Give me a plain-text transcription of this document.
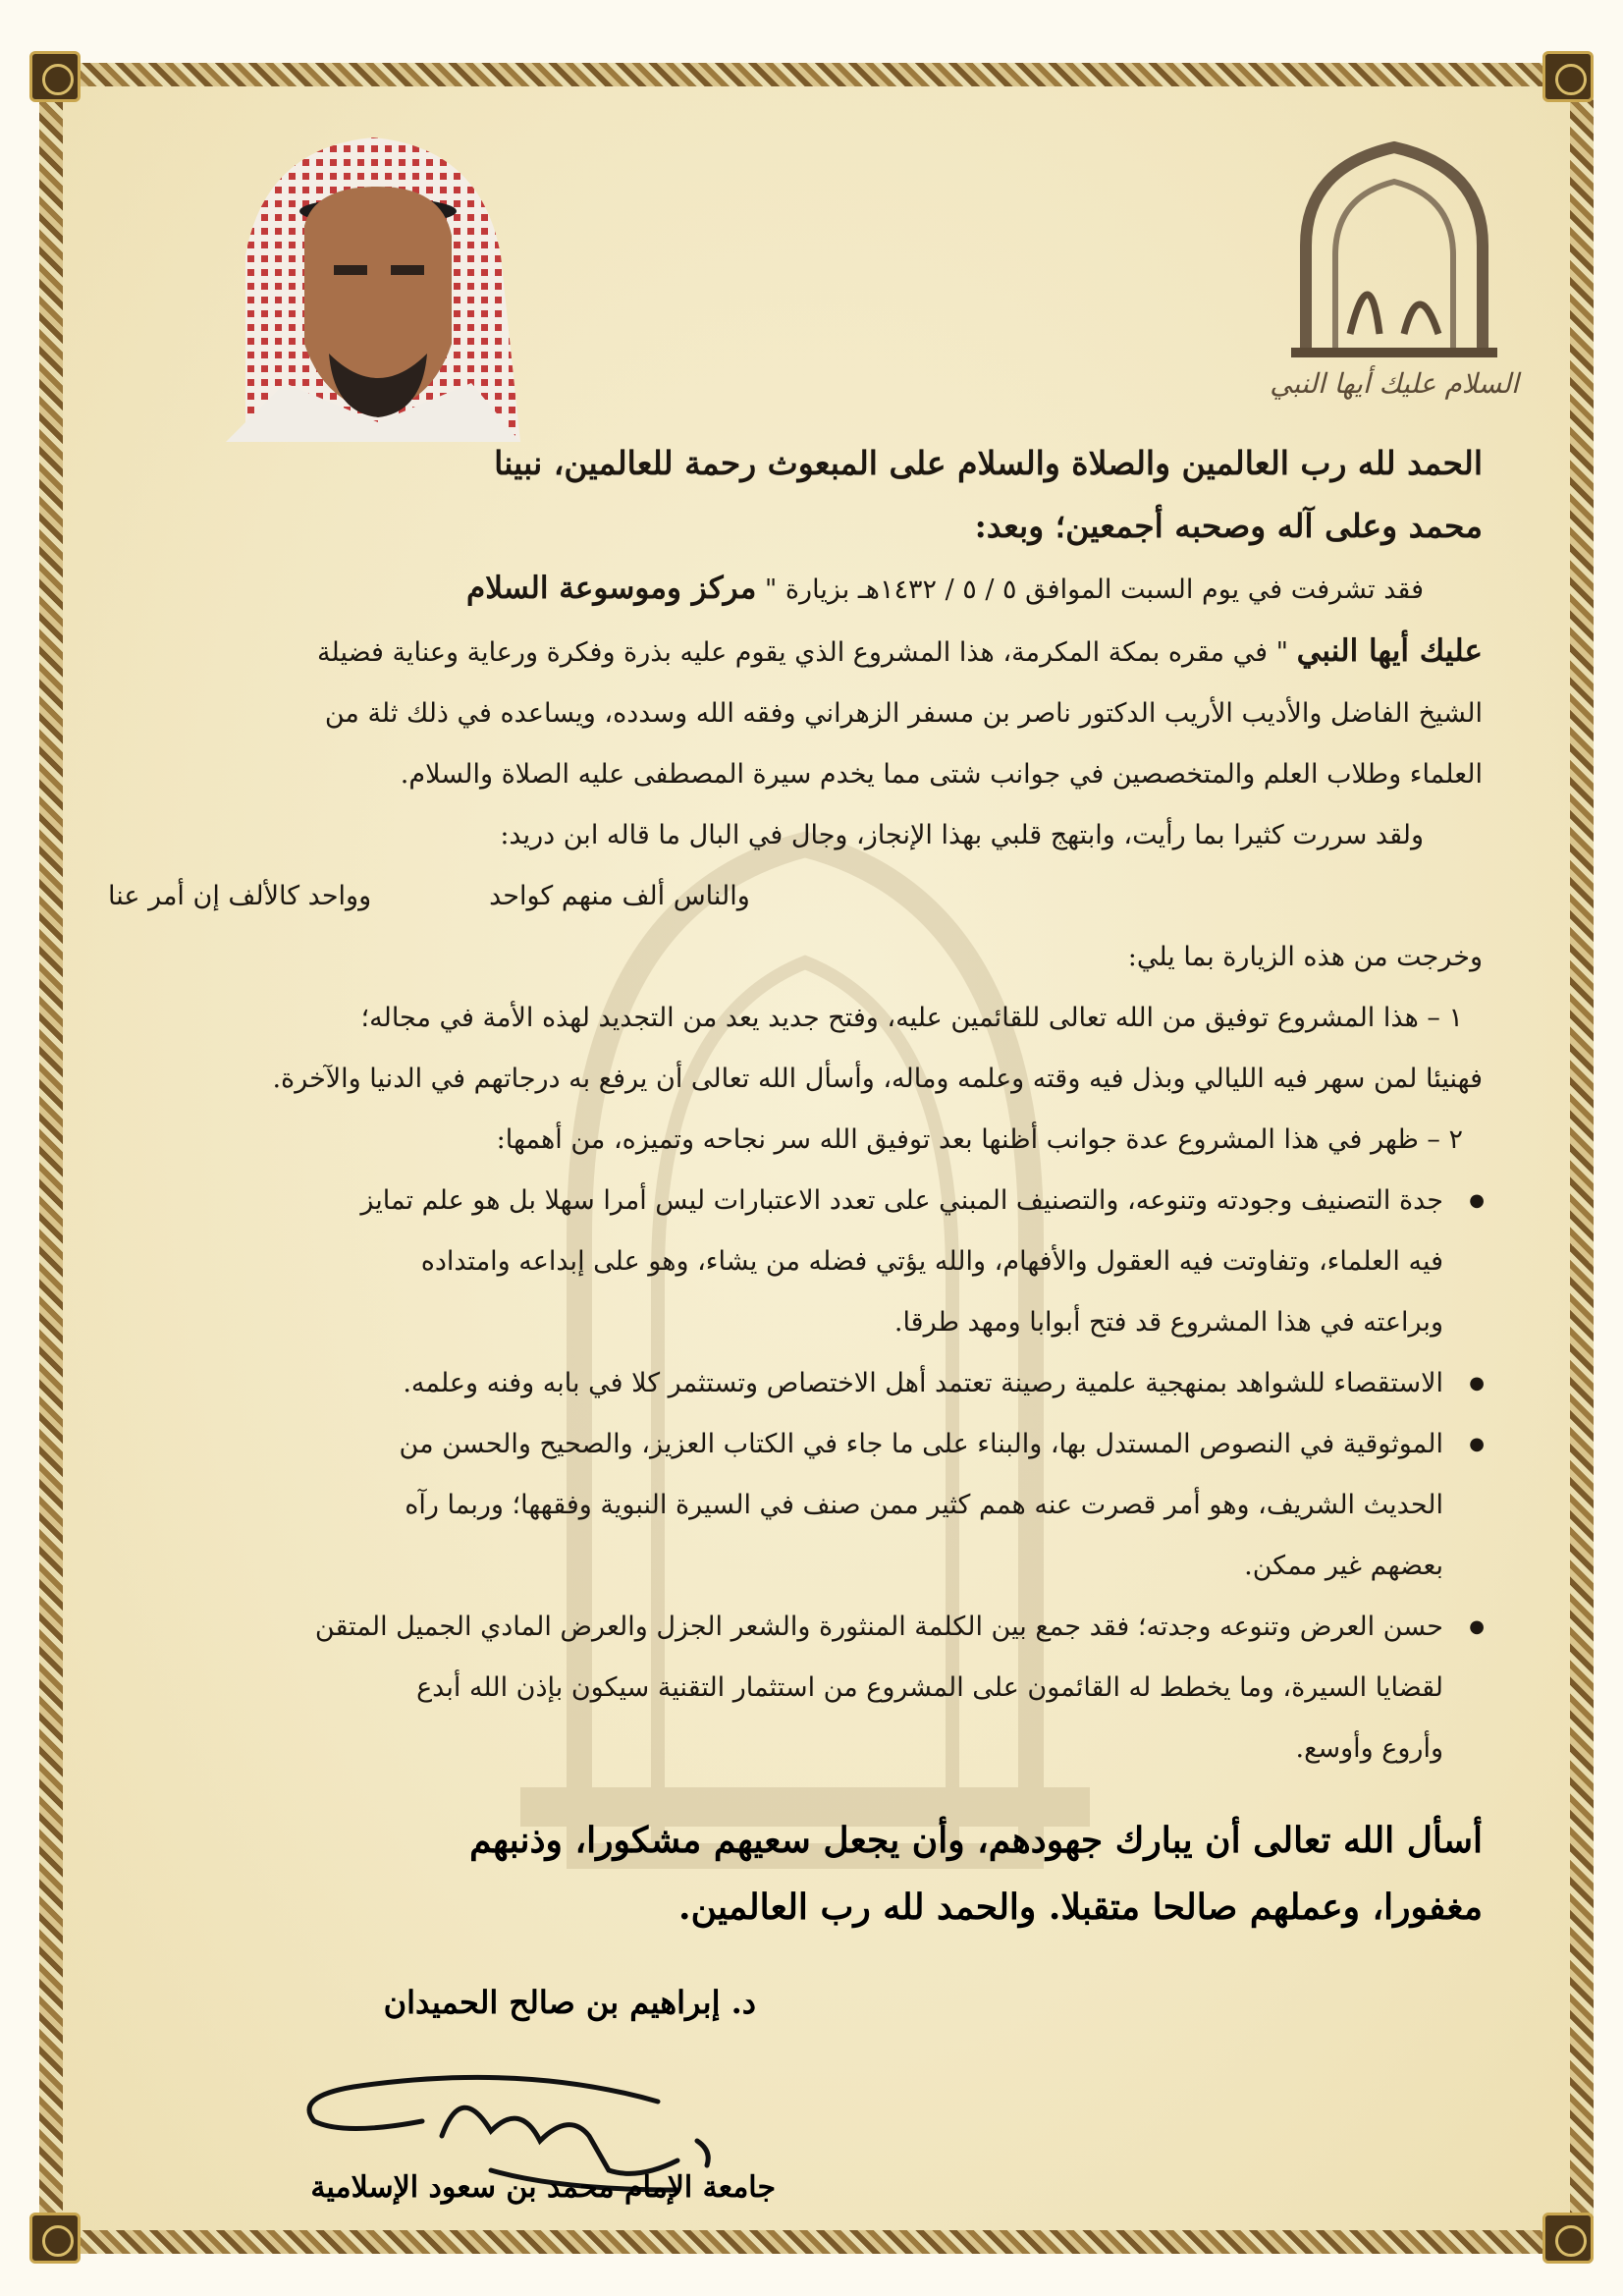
السلام عليك أيها النبي

الحمد لله رب العالمين والصلاة والسلام على المبعوث رحمة للعالمين، نبينا

محمد وعلى آله وصحبه أجمعين؛ وبعد:

فقد تشرفت في يوم السبت الموافق ٥ / ٥ / ١٤٣٢هـ بزيارة " مركز وموسوعة السلام

عليك أيها النبي " في مقره بمكة المكرمة، هذا المشروع الذي يقوم عليه بذرة وفكرة ورعاية وعناية فضيلة

الشيخ الفاضل والأديب الأريب الدكتور ناصر بن مسفر الزهراني وفقه الله وسدده، ويساعده في ذلك ثلة من

العلماء وطلاب العلم والمتخصصين في جوانب شتى مما يخدم سيرة المصطفى عليه الصلاة والسلام.

ولقد سررت كثيرا بما رأيت، وابتهج قلبي بهذا الإنجاز، وجال في البال ما قاله ابن دريد:

والناس ألف منهم كواحد
وواحد كالألف إن أمر عنا

وخرجت من هذه الزيارة بما يلي:

١ – هذا المشروع توفيق من الله تعالى للقائمين عليه، وفتح جديد يعد من التجديد لهذه الأمة في مجاله؛

فهنيئا لمن سهر فيه الليالي وبذل فيه وقته وعلمه وماله، وأسأل الله تعالى أن يرفع به درجاتهم في الدنيا والآخرة.

٢ – ظهر في هذا المشروع عدة جوانب أظنها بعد توفيق الله سر نجاحه وتميزه، من أهمها:

● جدة التصنيف وجودته وتنوعه، والتصنيف المبني على تعدد الاعتبارات ليس أمرا سهلا بل هو علم تمايز
فيه العلماء، وتفاوتت فيه العقول والأفهام، والله يؤتي فضله من يشاء، وهو على إبداعه وامتداده
وبراعته في هذا المشروع قد فتح أبوابا ومهد طرقا.
● الاستقصاء للشواهد بمنهجية علمية رصينة تعتمد أهل الاختصاص وتستثمر كلا في بابه وفنه وعلمه.
● الموثوقية في النصوص المستدل بها، والبناء على ما جاء في الكتاب العزيز، والصحيح والحسن من
الحديث الشريف، وهو أمر قصرت عنه همم كثير ممن صنف في السيرة النبوية وفقهها؛ وربما رآه
بعضهم غير ممكن.
● حسن العرض وتنوعه وجدته؛ فقد جمع بين الكلمة المنثورة والشعر الجزل والعرض المادي الجميل المتقن
لقضايا السيرة، وما يخطط له القائمون على المشروع من استثمار التقنية سيكون بإذن الله أبدع
وأروع وأوسع.

أسأل الله تعالى أن يبارك جهودهم، وأن يجعل سعيهم مشكورا، وذنبهم

مغفورا، وعملهم صالحا متقبلا. والحمد لله رب العالمين.

د. إبراهيم بن صالح الحميدان
جامعة الإمام محمد بن سعود الإسلامية
